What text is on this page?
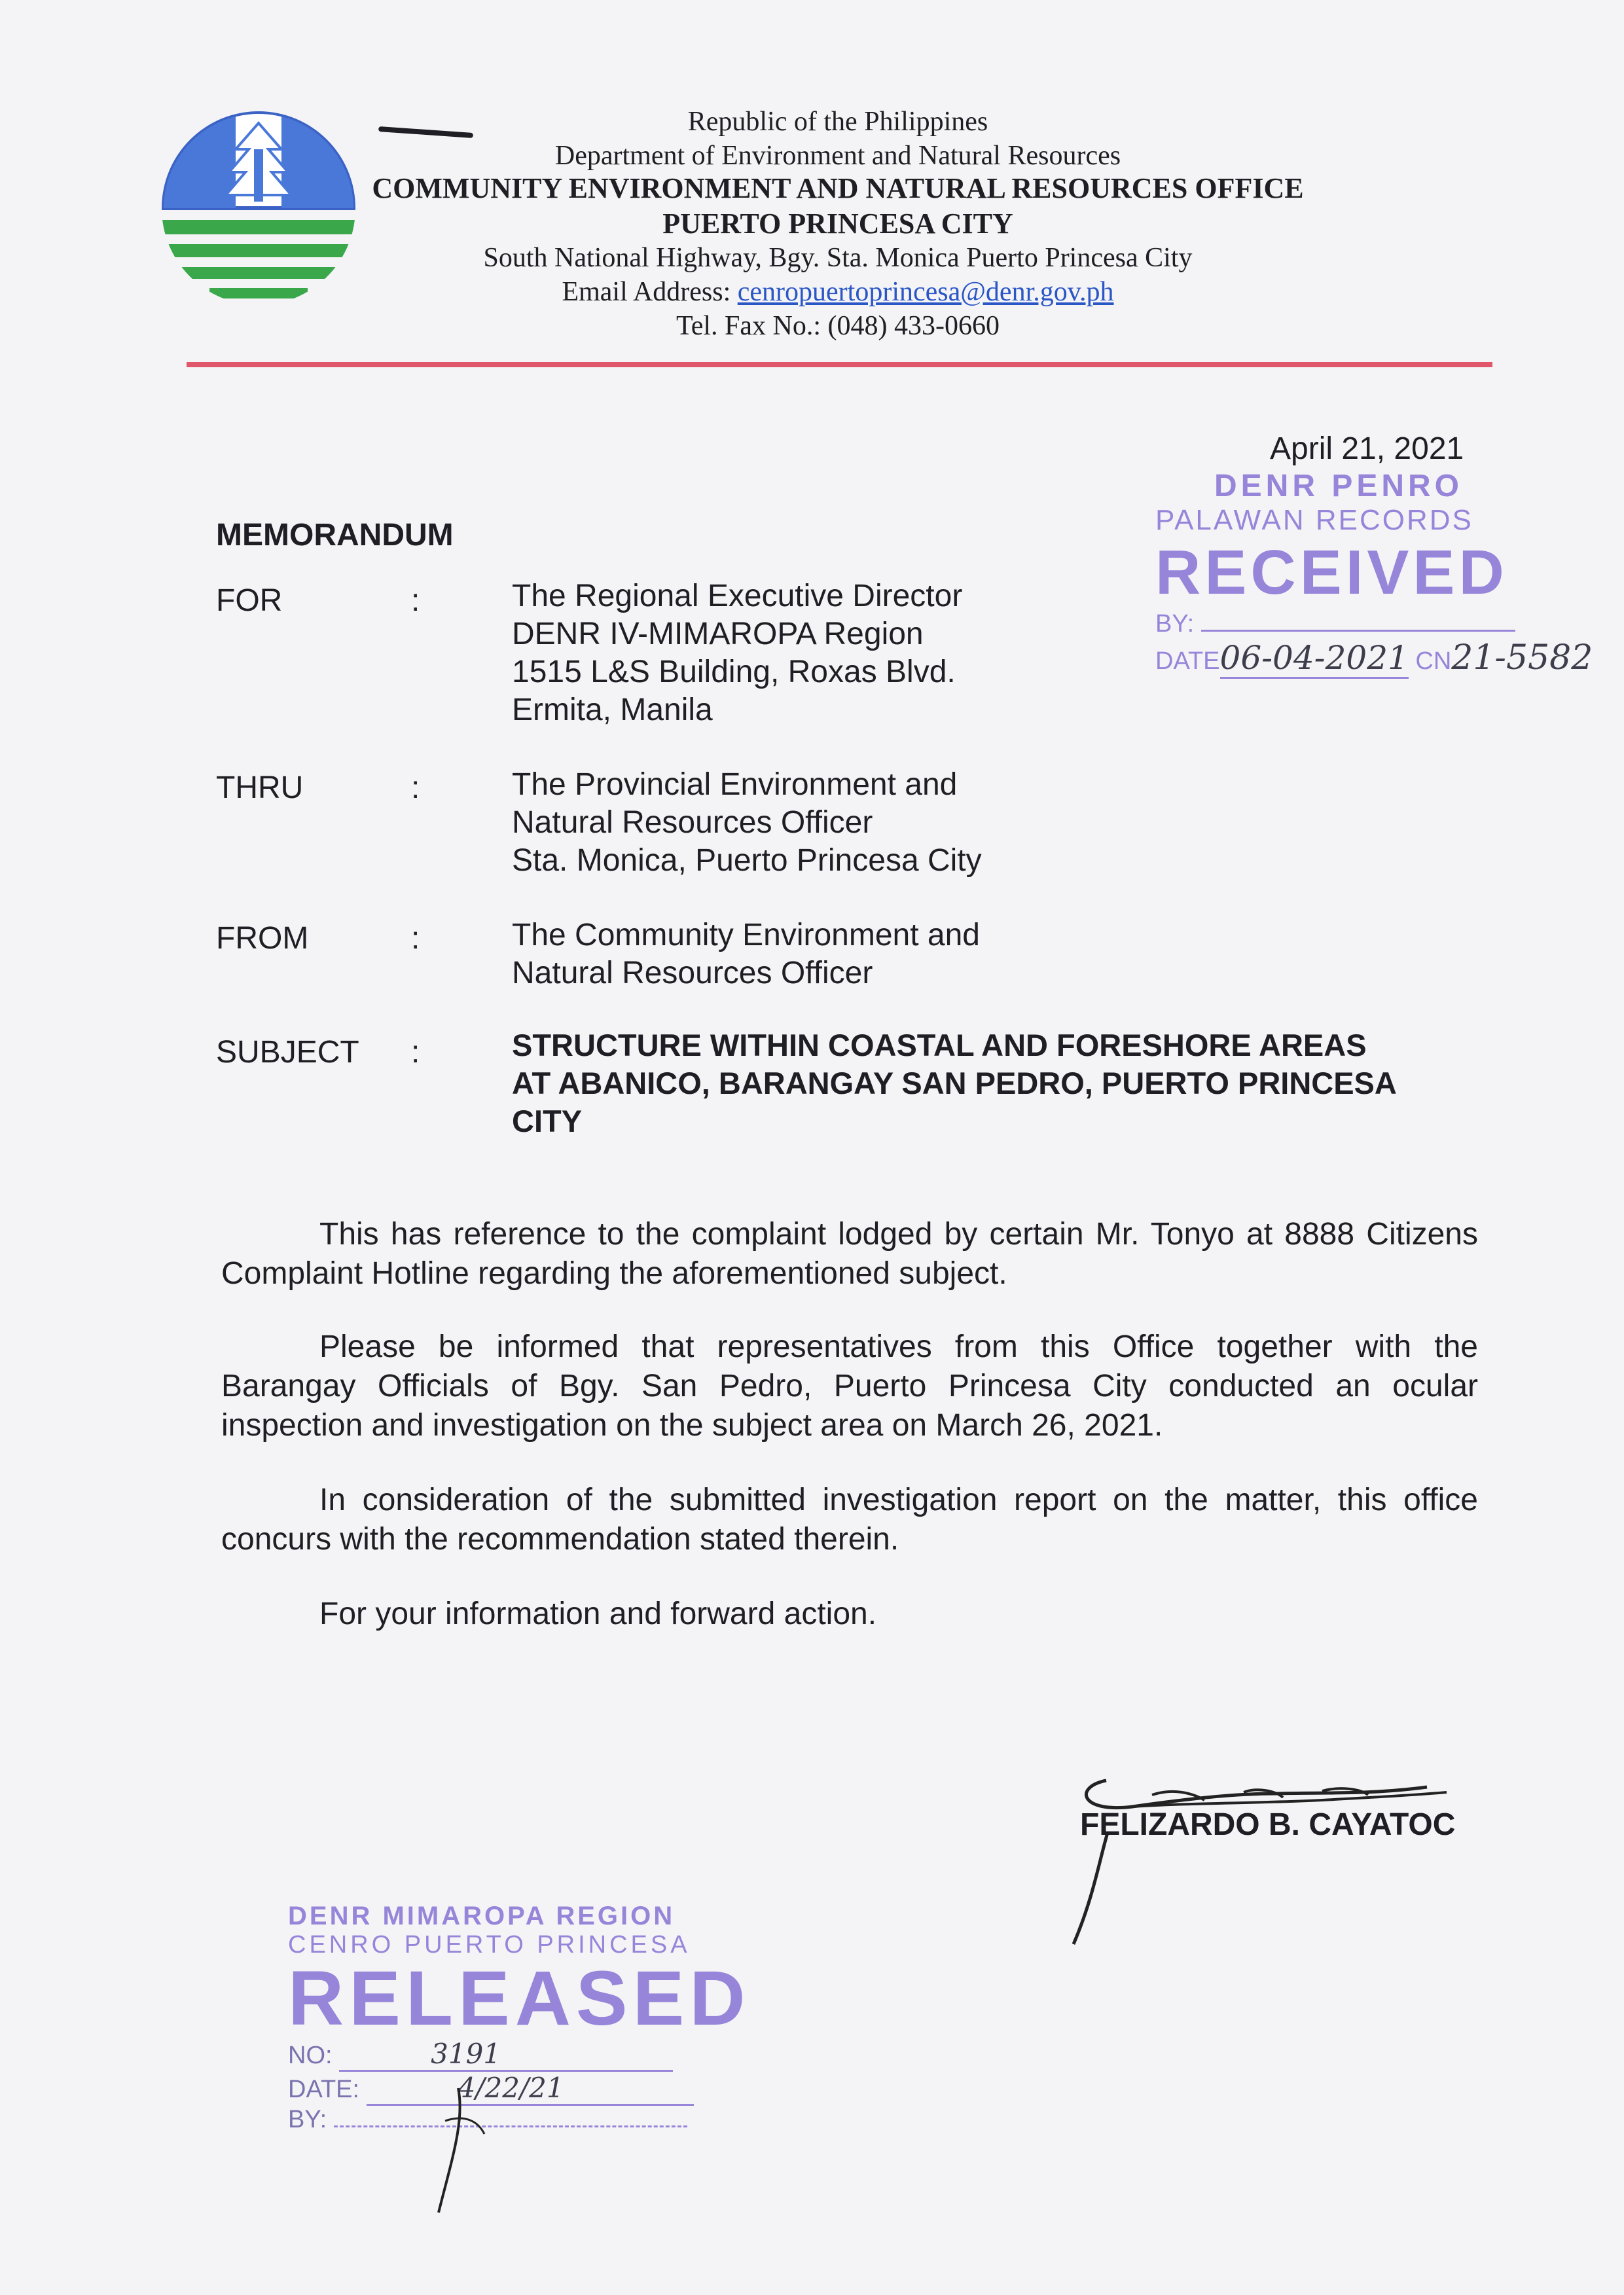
Republic of the Philippines
Department of Environment and Natural Resources
COMMUNITY ENVIRONMENT AND NATURAL RESOURCES OFFICE
PUERTO PRINCESA CITY
South National Highway, Bgy. Sta. Monica Puerto Princesa City
Email Address: cenropuertoprincesa@denr.gov.ph
Tel. Fax No.: (048) 433-0660
April 21, 2021
DENR PENRO
PALAWAN RECORDS
RECEIVED
BY:
DATE06-04-2021 CN21-5582
MEMORANDUM
FOR	:	The Regional Executive Director
DENR IV-MIMAROPA Region
1515 L&S Building, Roxas Blvd.
Ermita, Manila
THRU	:	The Provincial Environment and
Natural Resources Officer
Sta. Monica, Puerto Princesa City
FROM	:	The Community Environment and
Natural Resources Officer
SUBJECT :	STRUCTURE WITHIN COASTAL AND FORESHORE AREAS
AT ABANICO, BARANGAY SAN PEDRO, PUERTO PRINCESA
CITY
This has reference to the complaint lodged by certain Mr. Tonyo at 8888 Citizens Complaint Hotline regarding the aforementioned subject.
Please be informed that representatives from this Office together with the Barangay Officials of Bgy. San Pedro, Puerto Princesa City conducted an ocular inspection and investigation on the subject area on March 26, 2021.
In consideration of the submitted investigation report on the matter, this office concurs with the recommendation stated therein.
For your information and forward action.
FELIZARDO B. CAYATOC
DENR MIMAROPA REGION
CENRO PUERTO PRINCESA
RELEASED
NO:	3191
DATE:	4/22/21
BY:
